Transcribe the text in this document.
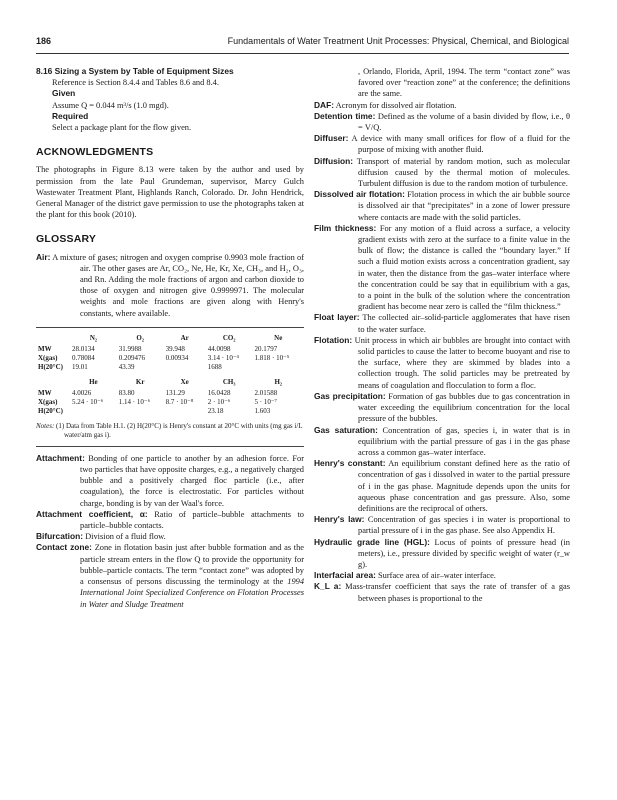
186	Fundamentals of Water Treatment Unit Processes: Physical, Chemical, and Biological
8.16 Sizing a System by Table of Equipment Sizes
Reference is Section 8.4.4 and Tables 8.6 and 8.4.
Given
Assume Q = 0.044 m³/s (1.0 mgd).
Required
Select a package plant for the flow given.
ACKNOWLEDGMENTS

The photographs in Figure 8.13 were taken by the author and used by permission from the late Paul Grundeman, supervisor, Marcy Gulch Wastewater Treatment Plant, Highlands Ranch, Colorado. Dr. John Hendrick, General Manager of the district gave permission to use the photographs taken at the plant for this book (2010).

GLOSSARY

Air: A mixture of gases; nitrogen and oxygen comprise 0.9903 mole fraction of air. The other gases are Ar, CO₂, Ne, He, Kr, Xe, CH₃, and H₂, O₃, and Rn. Adding the mole fractions of argon and carbon dioxide to those of oxygen and nitrogen give 0.9999971. The molecular weights and mole fractions are given along with Henry's constants, where available.

	N₂	O₂	Ar	CO₂	Ne
MW	28.0134	31.9988	39.948	44.0098	20.1797
X(gas)	0.78084	0.209476	0.00934	3.14 · 10⁻⁴	1.818 · 10⁻⁵
H(20°C)	19.01	43.39		1688	

	He	Kr	Xe	CH₃	H₂
MW	4.0026	83.80	131.29	16.0428	2.01588
X(gas)	5.24 · 10⁻⁶	1.14 · 10⁻⁶	8.7 · 10⁻⁸	2 · 10⁻⁶	5 · 10⁻⁷
H(20°C)				23.18	1.603
Notes: (1) Data from Table H.1. (2) H(20°C) is Henry's constant at 20°C with units (mg gas i/L water/atm gas i).

Attachment: Bonding of one particle to another by an adhesion force. For two particles that have opposite charges, e.g., a negatively charged bubble and a positively charged floc particle (i.e., after coagulation), the force is electrostatic. For particles without charge, bonding is by van der Waal's force.

Attachment coefficient, α: Ratio of particle–bubble attachments to particle–bubble contacts.

Bifurcation: Division of a fluid flow.

Contact zone: Zone in flotation basin just after bubble formation and as the particle stream enters in the flow Q to provide the opportunity for bubble–particle contacts. The term “contact zone” was adopted by a consensus of persons discussing the terminology at the 1994 International Joint Specialized Conference on Flotation Processes in Water and Sludge Treatment

, Orlando, Florida, April, 1994. The term “contact zone” was favored over “reaction zone” at the conference; the definitions are the same.

DAF: Acronym for dissolved air flotation.

Detention time: Defined as the volume of a basin divided by flow, i.e., θ = V/Q.

Diffuser: A device with many small orifices for flow of a fluid for the purpose of mixing with another fluid.

Diffusion: Transport of material by random motion, such as molecular diffusion caused by the thermal motion of molecules. Turbulent diffusion is due to the random motion of turbulence.

Dissolved air flotation: Flotation process in which the air bubble source is dissolved air that “precipitates” in a zone of lower pressure where contacts are made with the solid particles.

Film thickness: For any motion of a fluid across a surface, a velocity gradient exists with zero at the surface to a finite value in the bulk of flow; the distance is called the “boundary layer.” If such a fluid motion exists across a concentration gradient, say in water, then the distance from the gas–water interface where the concentration could be say that in equilibrium with a gas, to a point in the bulk of the solution where the concentration gradient has become near zero is called the “film thickness.”

Float layer: The collected air–solid-particle agglomerates that have risen to the water surface.

Flotation: Unit process in which air bubbles are brought into contact with solid particles to cause the latter to become buoyant and rise to the surface, where they are skimmed by blades into a collection trough. The solid particles may be pretreated by means of coagulation and flocculation to form a floc.

Gas precipitation: Formation of gas bubbles due to gas concentration in water exceeding the equilibrium concentration for the local pressure of the bubbles.

Gas saturation: Concentration of gas, species i, in water that is in equilibrium with the partial pressure of gas i in the gas phase across a common gas–water interface.

Henry's constant: An equilibrium constant defined here as the ratio of concentration of gas i dissolved in water to the partial pressure of i in the gas phase. Magnitude depends upon the units for aqueous phase concentration and gas pressure. Also, some definitions are the reciprocal of others.

Henry's law: Concentration of gas species i in water is proportional to partial pressure of i in the gas phase. See also Appendix H.

Hydraulic grade line (HGL): Locus of points of pressure head (in meters), i.e., pressure divided by specific weight of water (r_w g).

Interfacial area: Surface area of air–water interface.

K_L a: Mass-transfer coefficient that says the rate of transfer of a gas between phases is proportional to the
